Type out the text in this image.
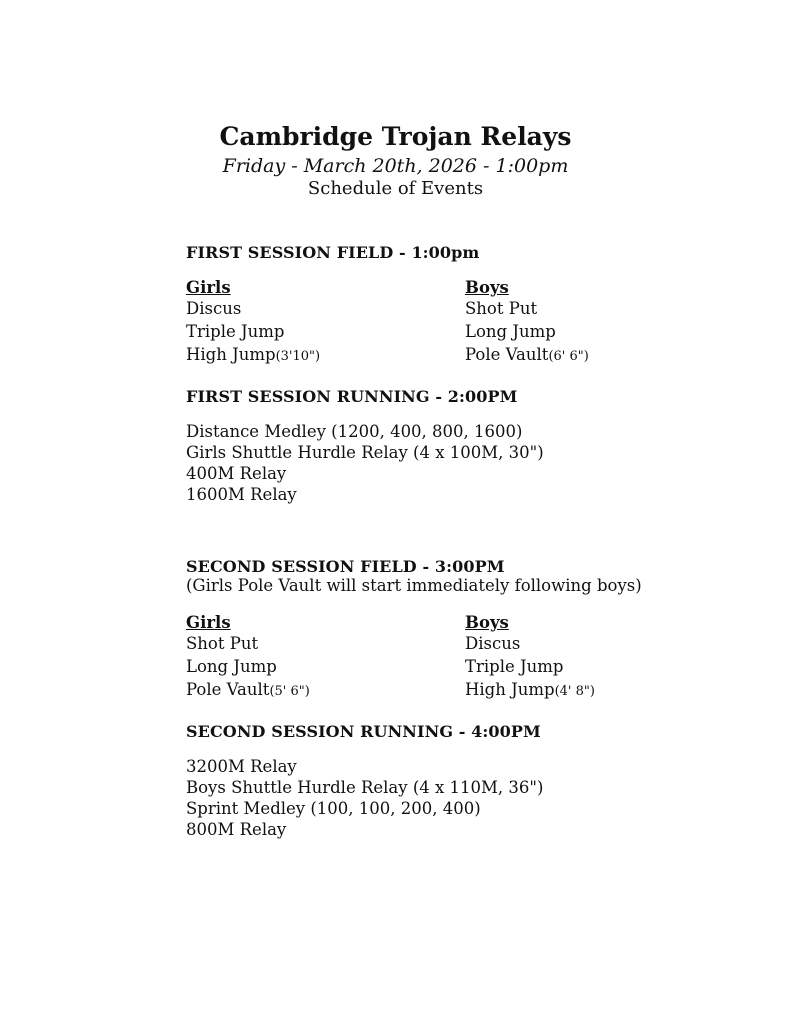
Cambridge Trojan Relays
Friday - March 20th, 2026 - 1:00pm
Schedule of Events
FIRST SESSION FIELD - 1:00pm
Girls
Discus
Triple Jump
High Jump(3'10")
Boys
Shot Put
Long Jump
Pole Vault(6' 6")
FIRST SESSION RUNNING - 2:00PM
Distance Medley (1200, 400, 800, 1600)
Girls Shuttle Hurdle Relay (4 x 100M, 30")
400M Relay
1600M Relay
SECOND SESSION FIELD - 3:00PM
(Girls Pole Vault will start immediately following boys)
Girls
Shot Put
Long Jump
Pole Vault(5' 6")
Boys
Discus
Triple Jump
High Jump(4' 8")
SECOND SESSION RUNNING - 4:00PM
3200M Relay
Boys Shuttle Hurdle Relay (4 x 110M, 36")
Sprint Medley (100, 100, 200, 400)
800M Relay
